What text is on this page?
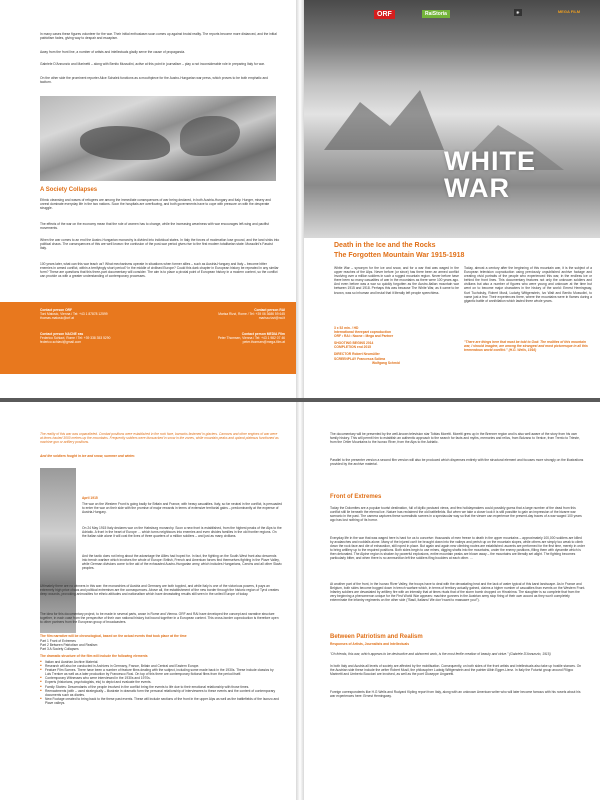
In many cases these figures volunteer for the war. Their initial enthusiasm soon comes up against brutal reality. The reports become more distanced, and the initial patriotism fades, giving way to despair and escapism.

Away from the front line, a number of artists and intellectuals gladly serve the cause of propaganda.

Gabriele D'Annunzio and Marinetti – along with Benito Mussolini, active at this point in journalism – play a not inconsiderable role in preparing Italy for war.

On the other side the prominent reporter Alice Schalek functions as a mouthpiece for the Austro-Hungarian war press, which proves to be both emphatic and taciturn.

A Society Collapses

Ethnic cleansing and waves of refugees are among the immediate consequences of war being declared, in both Austria-Hungary and Italy. Hunger, misery and unrest dominate everyday life in the two nations. Soon the hospitals are overflowing, and both governments have to cope with pressure on with the desperate struggle.

The effects of the war on the economy mean that the role of women has to change, while the increasing weariness with war encourages left-wing and pacifist movements.

When the war comes to an end the Austro-Hungarian monarchy is divided into individual states. In Italy the forces of moderation lose ground, and the land sinks into political chaos. The consequences of this are well known: the confusion of the post-war period gives rise to the first modern totalitarian state: Mussolini's Fascist Italy.

100 years later, what can this war teach us? What mechanisms operate in situations when former allies – such as Austria-Hungary and Italy – become bitter enemies in armed conflict, within a terrifyingly short period? In the middle of civilised Europe? Could this dark chapter in European history be repeated in any similar form? These are questions that this three-part documentary will consider. The aim is to place a pivotal point of European history in a modern context, so the conflict can provide us with a greater understanding of contemporary processes.

Contact person ORF
Toni Matosic, Vienna / Tel: +43 1 87878 12599
thomas.matosic@orf.at
Contact person RAI
Marisa Rizzi, Rome / Tel: +39 06 3686 59 645
marisa.rizzi@rai.it
Contact person NACNE eas
Federico Schiavi, Rome / Tel: +39 338 353 5290
federico.schiavi@gmail.com
Contact person MEDIA Film
Peter Thomsen, Vienna / Tel: +43 1 982 07 46
peter.thomsen@mega-film.at
ORF	RaiStoria	☀	MEGA FILM
WHITE
WAR
Death in the Ice and the Rocks
The Forgotten Mountain War 1915-1918

White War – synonym for the ice and snow, and for a war that was waged in the upper reaches of the Alps. Never before (or since) has there been an armed conflict involving over a million soldiers in such a rugged mountain region. Never before have there been so many casualties of war in the mountains as there were 100 years ago. And even before was a war so quickly forgotten as the Austro-Italian mountain war between 1915 and 1918. Perhaps this was because The White War, as it came to be known, was so inhuman and brutal that it literally left people speechless.

Today, almost a century after the beginning of this mountain war, it is the subject of a European television coproduction using previously unpublished archive footage and creating vivid portraits of the people who experienced this war, in the endless ice or behind the front lines. This documentary features not only the unknown soldiers and civilians but also a number of figures who were young and unknown at the time but went on to become major characters in the history of the world: Ernest Hemingway, Kurt Tucholsky, Robert Musil, Ludwig Wittgenstein, Ivo Walt and Benito Mussolini, to name just a few. Their experiences there, where the mountains were in flames during a gigantic battle of annihilation which lasted three whole years.

3 x 52 min. / HD
International threepart coproduction
ORF • RAI • Nacne • Mega and Partner
SHOOTING BEGINS 2014
COMPLETION end 2015
DIRECTOR Robert Neumüller
SCREENPLAY Francesca Solima
Wolfgang Schmid

"There are things here that must be told to God: The realities of this mountain war, I should imagine, are among the strangest and most picturesque in all this tremendous world conflict." (H.G. Wells, 1916)

The reality of this war was unparalleled. Combat positions were established in the rock face, barracks fastened in glaciers. Cannons and other engines of war were at times hauled 3000 metres up the mountains. Frequently soldiers were bivouacked in snow in the zones, while mountain peaks and upland plateaus functioned as machine gun or artillery positions.

And the soldiers fought in ice and snow, summer and winter.

April 1915

The war on the Western Front is going badly for Britain and France, with heavy casualties. Italy, so far neutral in the conflict, is persuaded to enter the war on their side with the promise of major rewards in terms of extensive territorial gains – predominantly at the expense of Austria-Hungary.

On 24 May 1915 Italy declares war on the Habsburg monarchy. Soon a new front is established, from the highest peaks of the Alps to the Adriatic. A front in the heart of Europe … which turns neighbours into enemies and even divides families in the old frontier regions. On the Italian side alone it will cost the lives of three quarters of a million soldiers – and just as many civilians.

And the tactic does not bring about the advantage the Allies had hoped for. In fact, the fighting on the South-West front also descends into trench warfare which involves the whole of Europe: British, French and American forces find themselves fighting in the Piave Valley, while German divisions come to the aid of the exhausted Austro-Hungarian army, which includes Hungarians, Czechs and all other Slavic peoples.

Ultimately there are no winners in this war: the monarchies of Austria and Germany are both toppled, and while Italy is one of the victorious powers, it pays an extremely high price chaos and political extremism are the consequences. Above all, the establishment of the new border through the historic region of Tyrol creates deep wounds, provoking animosities for ethnic attitudes and nationalism which have devastating results still seen in the united Europe of today.

The idea for this documentary project, to be made in several parts, arose in Rome and Vienna. ORF and RAI have developed the concept and narrative structure together, in each case from the perspective of their own national history but bound together in a European context. This cross-border coproduction is therefore open to other partners from the European group of broadcasters.

The film narrative will be chronological, based on the actual events that took place at the time

Part 1 Front of Extremes
Part 2 Between Patriotism and Realism
Part 3 A Society Collapses

The dramatic structure of the film will include the following elements

■ Italian and Austrian Archive Material.
■ Research will also be conducted in Archives in Germany, France, Britain and Central and Eastern Europe.
■ Feature Film Scenes. There have been a number of feature films dealing with the subject, including some made back in the 1930s. These include classics by Luis Trenker as well as a later production by Francesco Rosi. On top of this there are contemporary fictional films from the period itself.
■ Contemporary Witnesses who were interviewed in the 1930s and 1970s.
■ Experts (historians, psychologists, etc) to depict and evaluate the events.
■ Family Stories: Descendants of the people involved in the conflict bring the events to life due to their emotional relationship with those times.
■ Reenactments (with – used strategically – illustrate in dramatic form the personal relationship of interviewees to these events and the content of contemporary documents such as diaries.
■ New Footage created to bring back to the these past events. These will include sections of the front in the upper Alps as well as the battlefields of the Isonzo and Piave valleys.

The documentary will be presented by the well-known television star Tobias Moretti. Moretti grew up in the Brenner region and is also well aware of the story from his own family history. This will permit him to establish an authentic approach to the search for facts and myths, memories and relics, from Bolzano to Venice, from Trento to Trieste, from the Ortler Mountains to the Isonzo River, from the Alps to the Adriatic.

Parallel to the presenter version a second film version will also be produced which dispenses entirely with the structural element and focuses more strongly on the illustrations provided by the archive material.

Front of Extremes

Today the Dolomites are a popular tourist destination, full of idyllic postcard views, and few holidaymakers could possibly guess that a large number of the dead from this conflict still lie beneath the eternal ice. Nature has reclaimed the old battlefields. But when we take a closer look it is still possible to gain an impression of the bizarre war scenario in the past. The camera captures these surrealistic scenes in a spectacular way so that the viewer can experience the present-day traces of a war waged 100 years ago has lost nothing of its horror.

Everyday life in the war that was waged here is hard for us to conceive: thousands of men freeze to death in the upper mountains – approximately 100,000 soldiers are killed by avalanches and rockfalls alone. Many of the injured can't be brought down into the valleys and perish up on the mountain slopes, while others are simply too weak to climb down the rock face and die of exhaustion, still roped in place. But again and again new climbing routes are established: ascents are performed for the first time, merely in order to bring artillery up to the required positions. Both sides begin to use mines, digging shafts into the mountains, under the enemy positions, filling them with dynamite which is then detonated. The Alpine region is shaken by powerful explosions, entire mountain peaks are blown away – the mountains are literally set alight. The fighting becomes particularly bitter, and when there is no ammunition left the soldiers fling boulders at each other. …

At another part of the front, in the Isonzo River Valley, the troops have to deal with the devastating heat and the lack of water typical of this karst landscape. As in France and Belgium, both sides become bogged down in trench warfare which, in terms of territory actually gained, claims a higher number of casualties than events on the Western Front. Infantry soldiers are devastated by artillery fire with an intensity that at times rivals that of the storm bomb dropped on Hiroshima. The slaughter is so complete that from the very beginning a phenomenon unique for the First World War appears: machine gunners in the Austrian army stop firing of their own accord as they won't completely exterminate the infantry regiments on the other side ("Basil, Italians! We don't want to massacre you!").

Between Patriotism and Realism

Responses of Artists, Journalists and Intellectuals

"Oh friends, this war, which appears to be destructive and abhorrent work, is the most fertile creation of beauty and virtue." (Gabriele D'Annunzio, 1915)

In both Italy and Austria all levels of society are affected by the mobilisation. Consequently, on both sides of the front artists and intellectuals also take up hostile stances. On the Austrian side these include the writer Robert Musil, the philosopher Ludwig Wittgenstein and the painter Albin Egger-Lienz. In Italy the Futurist group around Filippo Marinetti and Umberto Boccioni are involved, as well as the poet Giuseppe Ungaretti.

Foreign correspondents like H.G Wells and Rudyard Kipling report from Italy, along with an unknown American writer who will later become famous with his novels about his war experiences here: Ernest Hemingway.
